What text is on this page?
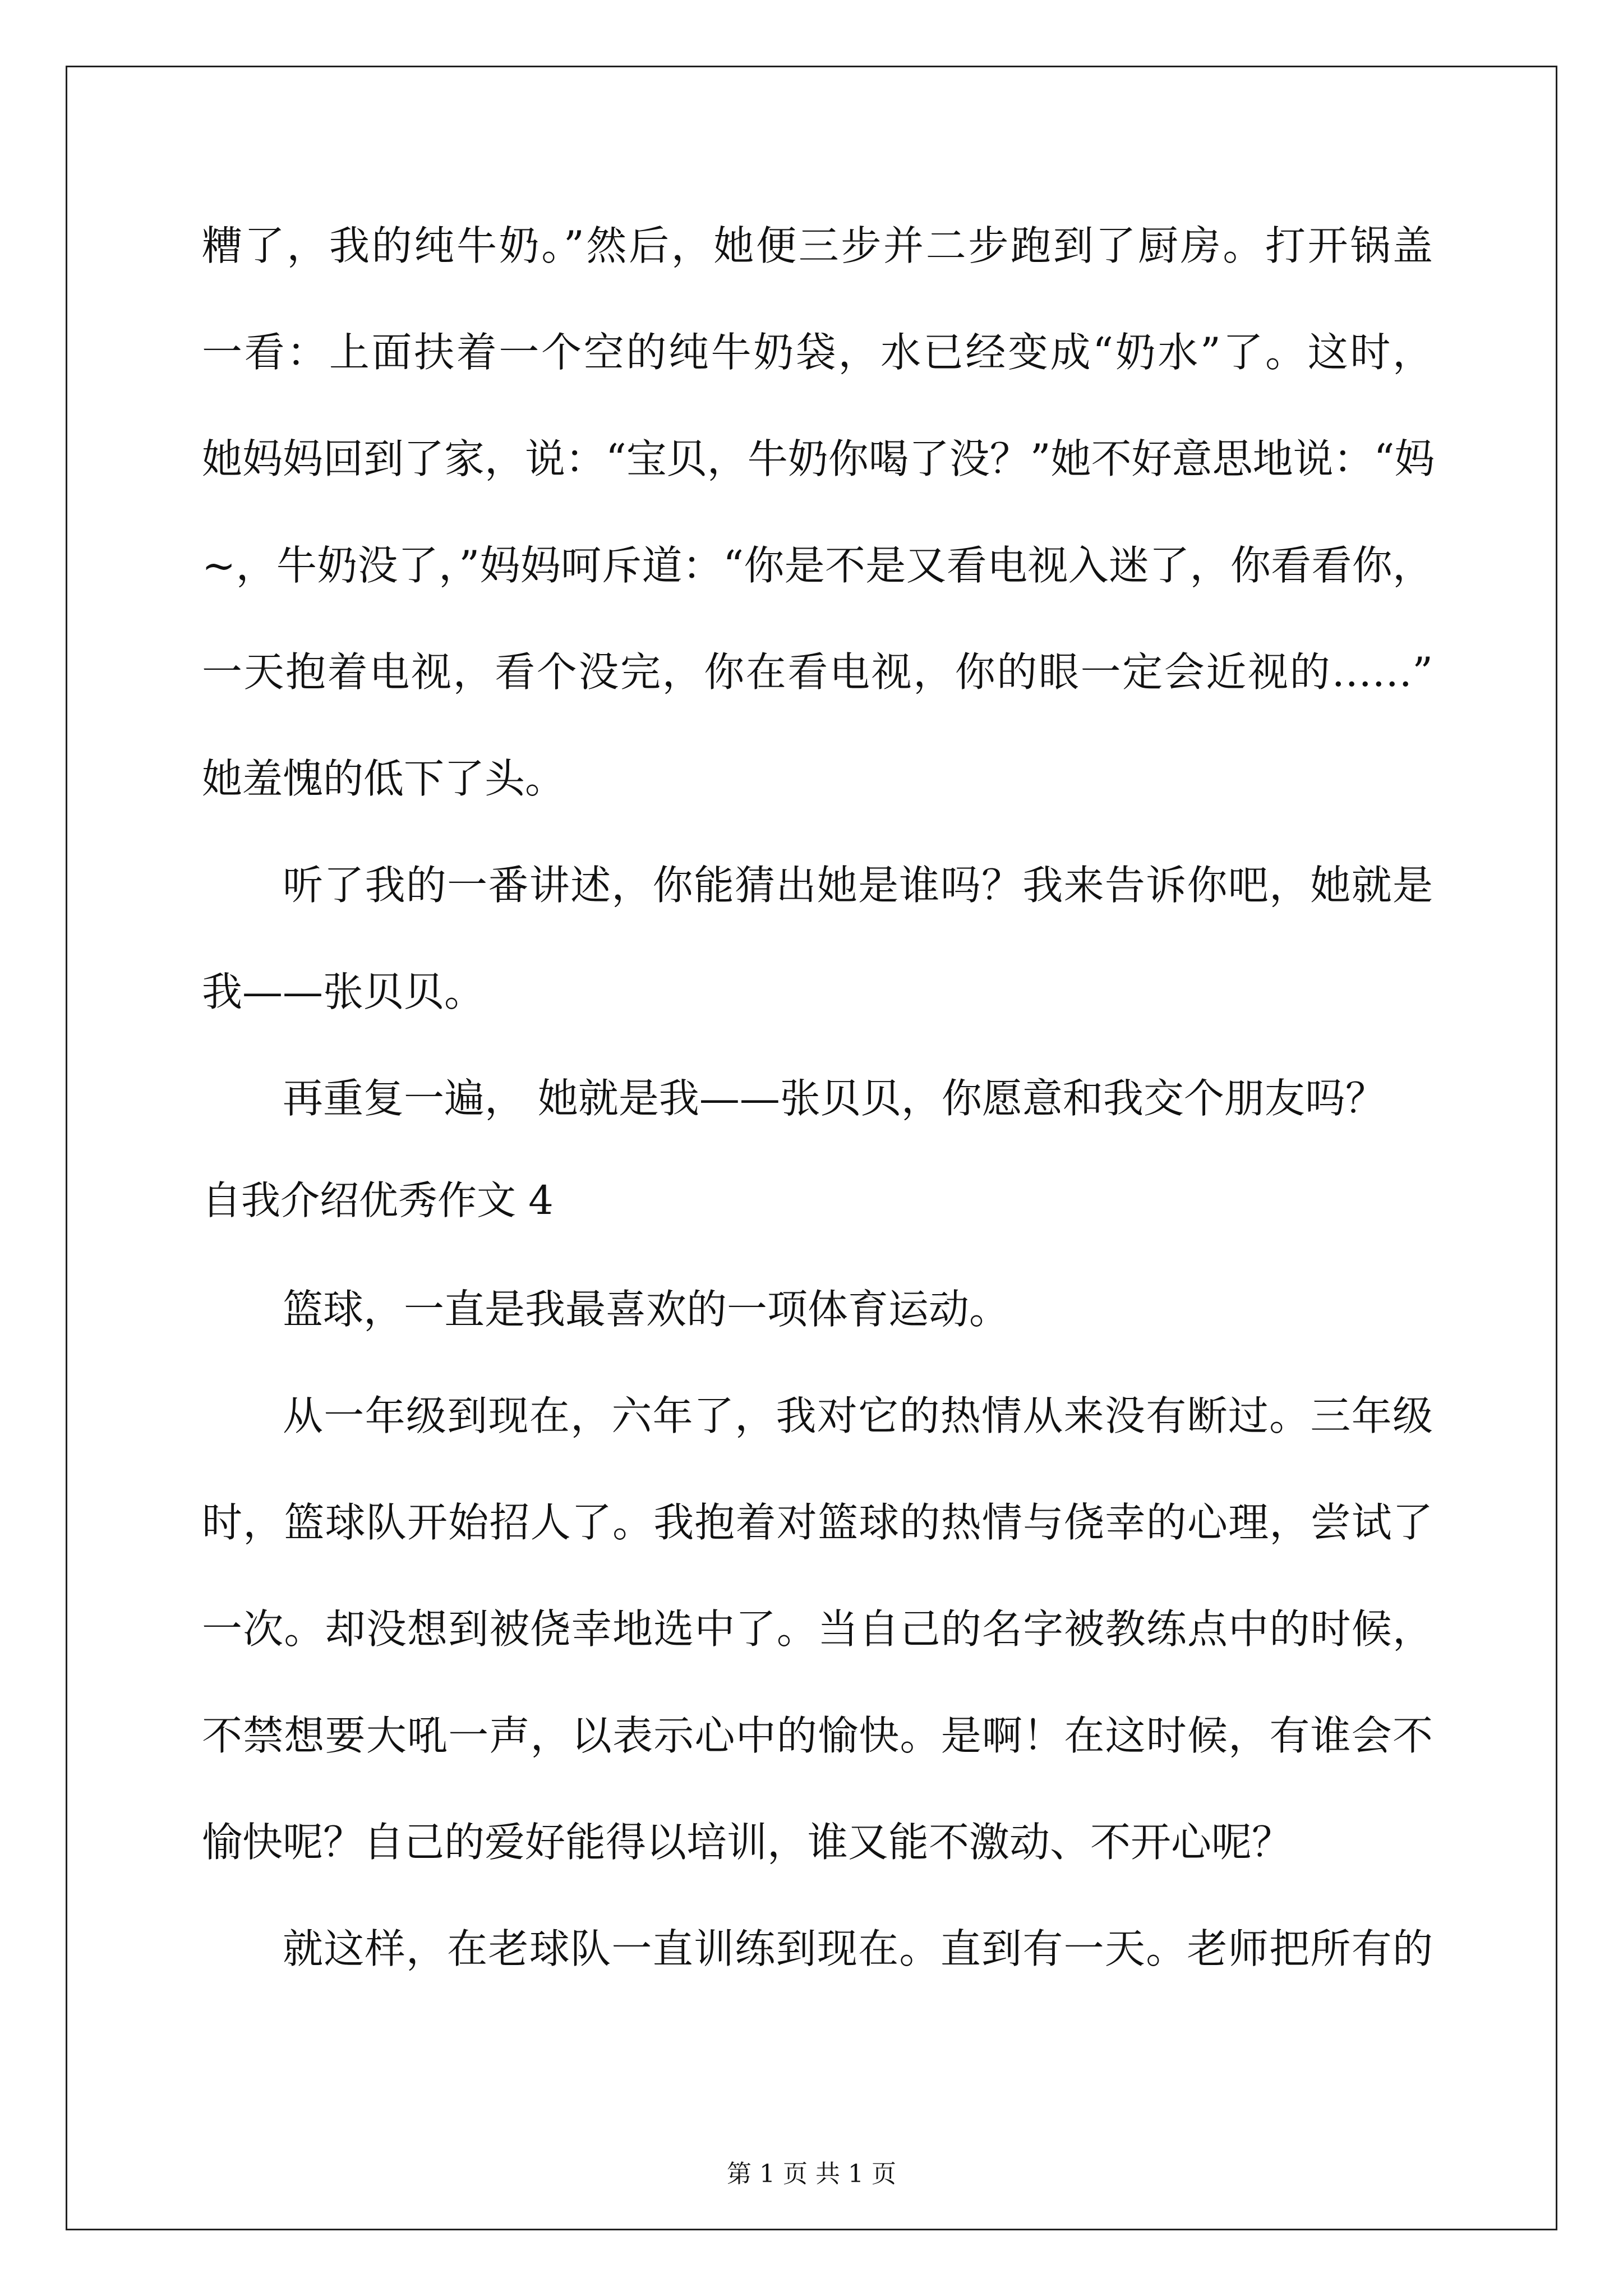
糟了，我的纯牛奶。”然后，她便三步并二步跑到了厨房。打开锅盖
一看：上面扶着一个空的纯牛奶袋，水已经变成“奶水”了。这时，
她妈妈回到了家，说：“宝贝，牛奶你喝了没？”她不好意思地说：“妈
~，牛奶没了，”妈妈呵斥道：“你是不是又看电视入迷了，你看看你，
一天抱着电视，看个没完，你在看电视，你的眼一定会近视的……”
她羞愧的低下了头。
听了我的一番讲述，你能猜出她是谁吗？我来告诉你吧，她就是
我——张贝贝。
再重复一遍， 她就是我——张贝贝，你愿意和我交个朋友吗？
自我介绍优秀作文 4
篮球，一直是我最喜欢的一项体育运动。
从一年级到现在，六年了，我对它的热情从来没有断过。三年级
时，篮球队开始招人了。我抱着对篮球的热情与侥幸的心理，尝试了
一次。却没想到被侥幸地选中了。当自己的名字被教练点中的时候，
不禁想要大吼一声，以表示心中的愉快。是啊！在这时候，有谁会不
愉快呢？自己的爱好能得以培训，谁又能不激动、不开心呢？
就这样，在老球队一直训练到现在。直到有一天。老师把所有的
第 1 页 共 1 页
